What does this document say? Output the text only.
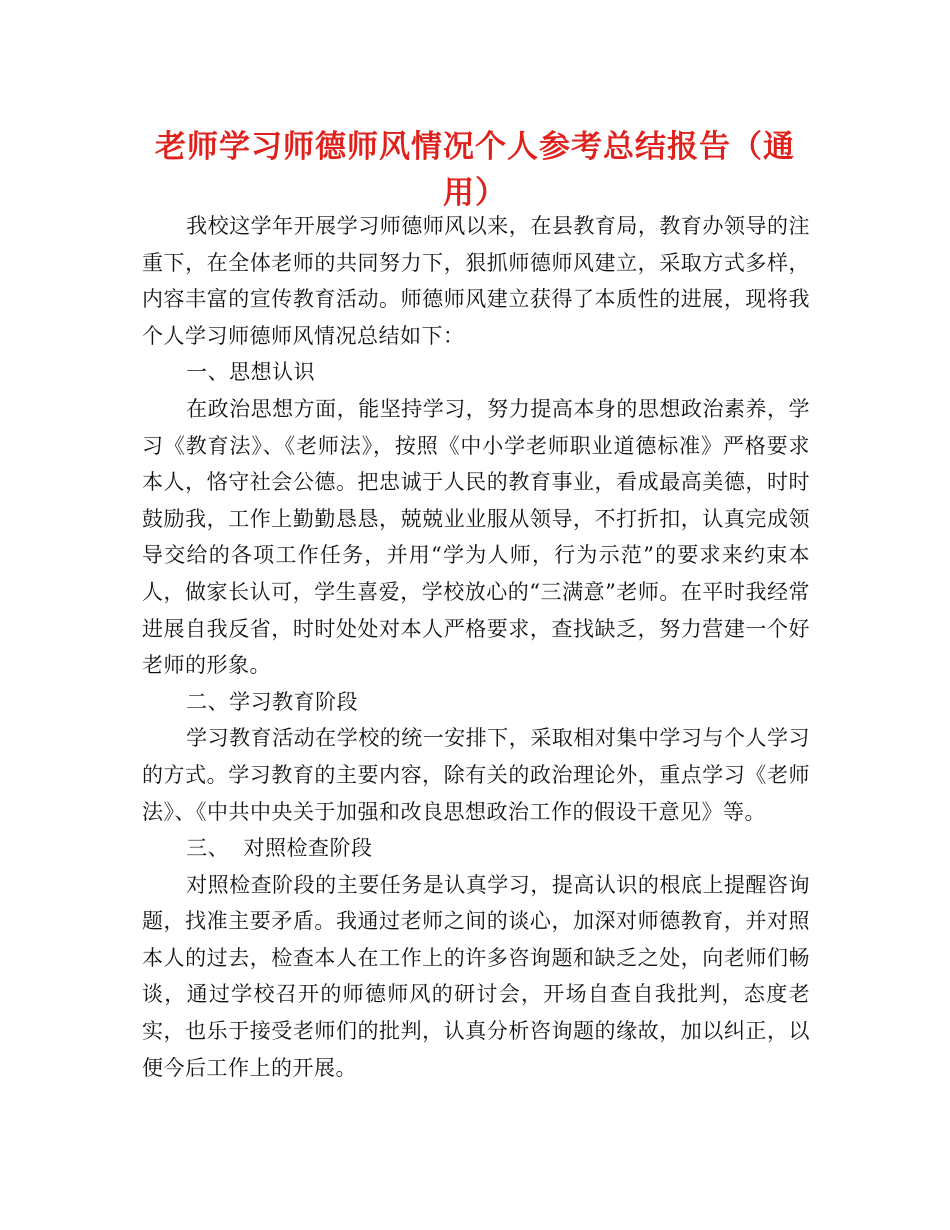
老师学习师德师风情况个人参考总结报告（通用）

我校这学年开展学习师德师风以来，在县教育局，教育办领导的注重下，在全体老师的共同努力下，狠抓师德师风建立，采取方式多样，内容丰富的宣传教育活动。师德师风建立获得了本质性的进展，现将我个人学习师德师风情况总结如下：

一、思想认识

在政治思想方面，能坚持学习，努力提高本身的思想政治素养，学习《教育法》、《老师法》，按照《中小学老师职业道德标准》严格要求本人，恪守社会公德。把忠诚于人民的教育事业，看成最高美德，时时鼓励我，工作上勤勤恳恳，兢兢业业服从领导，不打折扣，认真完成领导交给的各项工作任务，并用“学为人师，行为示范”的要求来约束本人，做家长认可，学生喜爱，学校放心的“三满意”老师。在平时我经常进展自我反省，时时处处对本人严格要求，查找缺乏，努力营建一个好老师的形象。

二、学习教育阶段

学习教育活动在学校的统一安排下，采取相对集中学习与个人学习的方式。学习教育的主要内容，除有关的政治理论外，重点学习《老师法》、《中共中央关于加强和改良思想政治工作的假设干意见》等。

三、  对照检查阶段

对照检查阶段的主要任务是认真学习，提高认识的根底上提醒咨询题，找准主要矛盾。我通过老师之间的谈心，加深对师德教育，并对照本人的过去，检查本人在工作上的许多咨询题和缺乏之处，向老师们畅谈，通过学校召开的师德师风的研讨会，开场自查自我批判，态度老实，也乐于接受老师们的批判，认真分析咨询题的缘故，加以纠正，以便今后工作上的开展。
